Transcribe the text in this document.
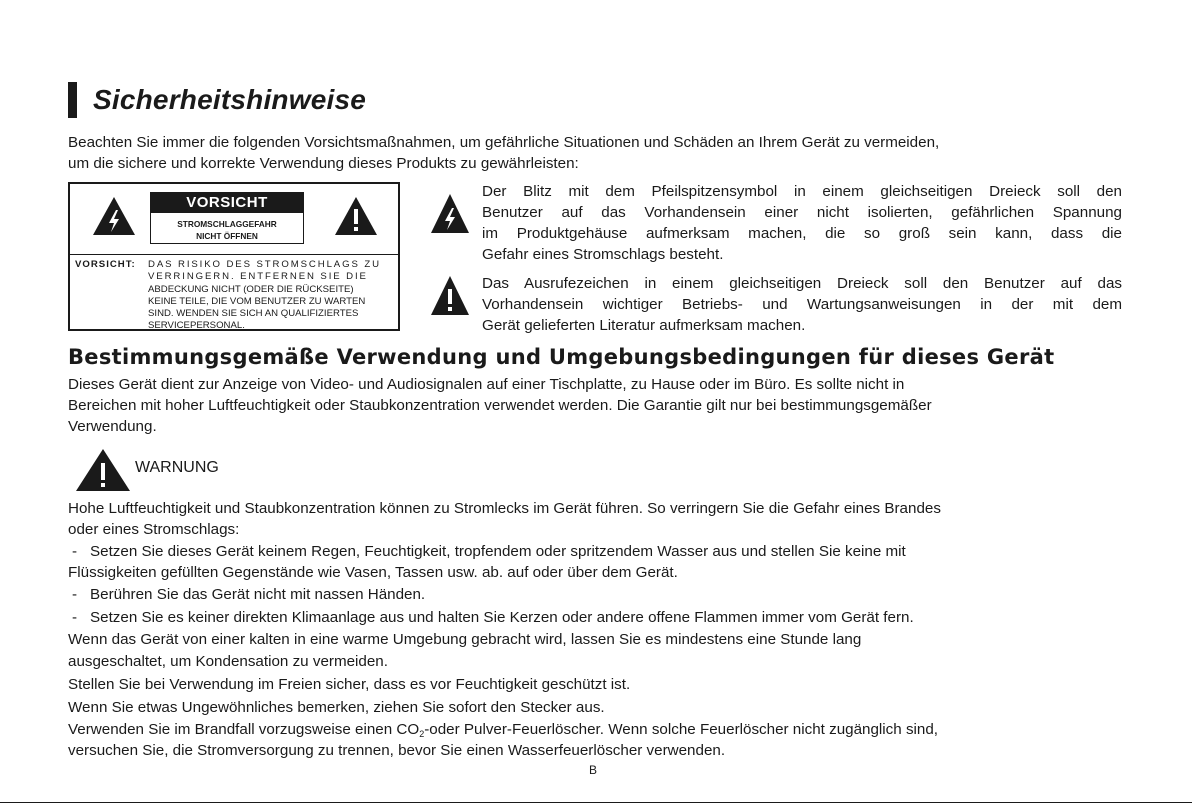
Sicherheitshinweise

Beachten Sie immer die folgenden Vorsichtsmaßnahmen, um gefährliche Situationen und Schäden an Ihrem Gerät zu vermeiden,

um die sichere und korrekte Verwendung dieses Produkts zu gewährleisten:

VORSICHT
STROMSCHLAGGEFAHR
NICHT ÖFFNEN
VORSICHT: DAS RISIKO DES STROMSCHLAGS ZU
VERRINGERN. ENTFERNEN SIE DIE
ABDECKUNG NICHT (ODER DIE RÜCKSEITE)
KEINE TEILE, DIE VOM BENUTZER ZU WARTEN
SIND. WENDEN SIE SICH AN QUALIFIZIERTES
SERVICEPERSONAL.
Der Blitz mit dem Pfeilspitzensymbol in einem gleichseitigen Dreieck soll den
Benutzer auf das Vorhandensein einer nicht isolierten, gefährlichen Spannung
im Produktgehäuse aufmerksam machen, die so groß sein kann, dass die
Gefahr eines Stromschlags besteht.
Das Ausrufezeichen in einem gleichseitigen Dreieck soll den Benutzer auf das
Vorhandensein wichtiger Betriebs- und Wartungsanweisungen in der mit dem
Gerät gelieferten Literatur aufmerksam machen.
Bestimmungsgemäße Verwendung und Umgebungsbedingungen für dieses Gerät

Dieses Gerät dient zur Anzeige von Video- und Audiosignalen auf einer Tischplatte, zu Hause oder im Büro. Es sollte nicht in

Bereichen mit hoher Luftfeuchtigkeit oder Staubkonzentration verwendet werden. Die Garantie gilt nur bei bestimmungsgemäßer

Verwendung.

WARNUNG

Hohe Luftfeuchtigkeit und Staubkonzentration können zu Stromlecks im Gerät führen. So verringern Sie die Gefahr eines Brandes

oder eines Stromschlags:

- Setzen Sie dieses Gerät keinem Regen, Feuchtigkeit, tropfendem oder spritzendem Wasser aus und stellen Sie keine mit
Flüssigkeiten gefüllten Gegenstände wie Vasen, Tassen usw. ab. auf oder über dem Gerät.
- Berühren Sie das Gerät nicht mit nassen Händen.
- Setzen Sie es keiner direkten Klimaanlage aus und halten Sie Kerzen oder andere offene Flammen immer vom Gerät fern.

Wenn das Gerät von einer kalten in eine warme Umgebung gebracht wird, lassen Sie es mindestens eine Stunde lang

ausgeschaltet, um Kondensation zu vermeiden.

Stellen Sie bei Verwendung im Freien sicher, dass es vor Feuchtigkeit geschützt ist.

Wenn Sie etwas Ungewöhnliches bemerken, ziehen Sie sofort den Stecker aus.

Verwenden Sie im Brandfall vorzugsweise einen $CO_2$-oder Pulver-Feuerlöscher. Wenn solche Feuerlöscher nicht zugänglich sind,

versuchen Sie, die Stromversorgung zu trennen, bevor Sie einen Wasserfeuerlöscher verwenden.

B
